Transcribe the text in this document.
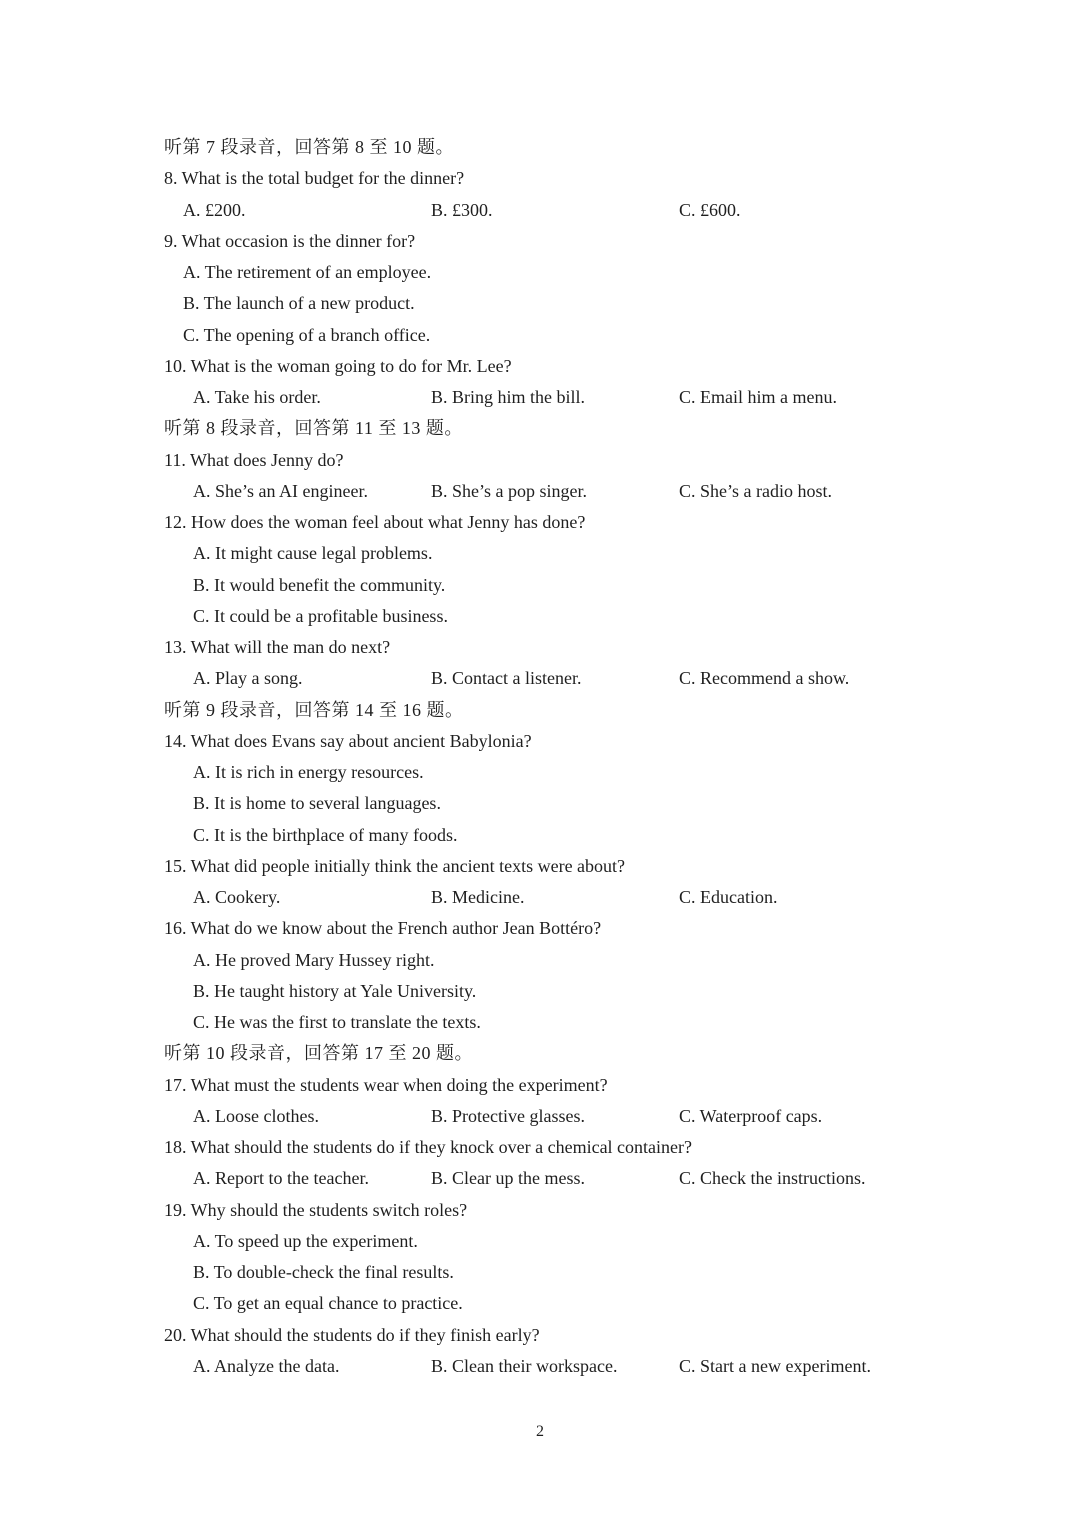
听第 7 段录音，回答第 8 至 10 题。
8. What is the total budget for the dinner?
A. £200.	B. £300.	C. £600.
9. What occasion is the dinner for?
A. The retirement of an employee.
B. The launch of a new product.
C. The opening of a branch office.
10. What is the woman going to do for Mr. Lee?
A. Take his order.	B. Bring him the bill.	C. Email him a menu.
听第 8 段录音，回答第 11 至 13 题。
11. What does Jenny do?
A. She’s an AI engineer.	B. She’s a pop singer.	C. She’s a radio host.
12. How does the woman feel about what Jenny has done?
A. It might cause legal problems.
B. It would benefit the community.
C. It could be a profitable business.
13. What will the man do next?
A. Play a song.	B. Contact a listener.	C. Recommend a show.
听第 9 段录音，回答第 14 至 16 题。
14. What does Evans say about ancient Babylonia?
A. It is rich in energy resources.
B. It is home to several languages.
C. It is the birthplace of many foods.
15. What did people initially think the ancient texts were about?
A. Cookery.	B. Medicine.	C. Education.
16. What do we know about the French author Jean Bottéro?
A. He proved Mary Hussey right.
B. He taught history at Yale University.
C. He was the first to translate the texts.
听第 10 段录音，回答第 17 至 20 题。
17. What must the students wear when doing the experiment?
A. Loose clothes.	B. Protective glasses.	C. Waterproof caps.
18. What should the students do if they knock over a chemical container?
A. Report to the teacher.	B. Clear up the mess.	C. Check the instructions.
19. Why should the students switch roles?
A. To speed up the experiment.
B. To double-check the final results.
C. To get an equal chance to practice.
20. What should the students do if they finish early?
A. Analyze the data.	B. Clean their workspace.	C. Start a new experiment.
2
